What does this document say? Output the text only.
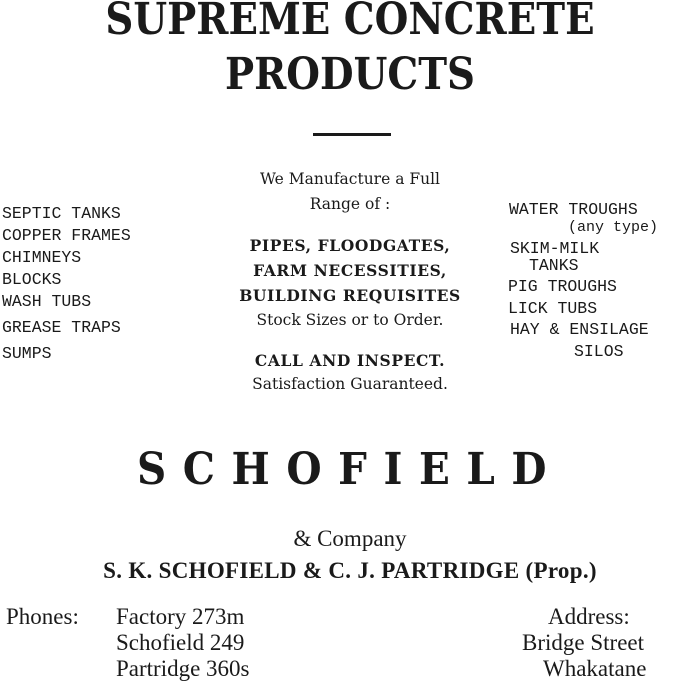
SUPREME CONCRETE
PRODUCTS
SEPTIC TANKS
COPPER FRAMES
CHIMNEYS
BLOCKS
WASH TUBS
GREASE TRAPS
SUMPS
We Manufacture a Full
Range of :
PIPES, FLOODGATES,
FARM NECESSITIES,
BUILDING REQUISITES
Stock Sizes or to Order.
CALL AND INSPECT.
Satisfaction Guaranteed.
WATER TROUGHS
(any type)
SKIM-MILK
TANKS
PIG TROUGHS
LICK TUBS
HAY & ENSILAGE
SILOS
SCHOFIELD
& Company
S. K. SCHOFIELD & C. J. PARTRIDGE (Prop.)
Phones: Factory 273m
Schofield 249
Partridge 360s
Address:
Bridge Street
Whakatane
